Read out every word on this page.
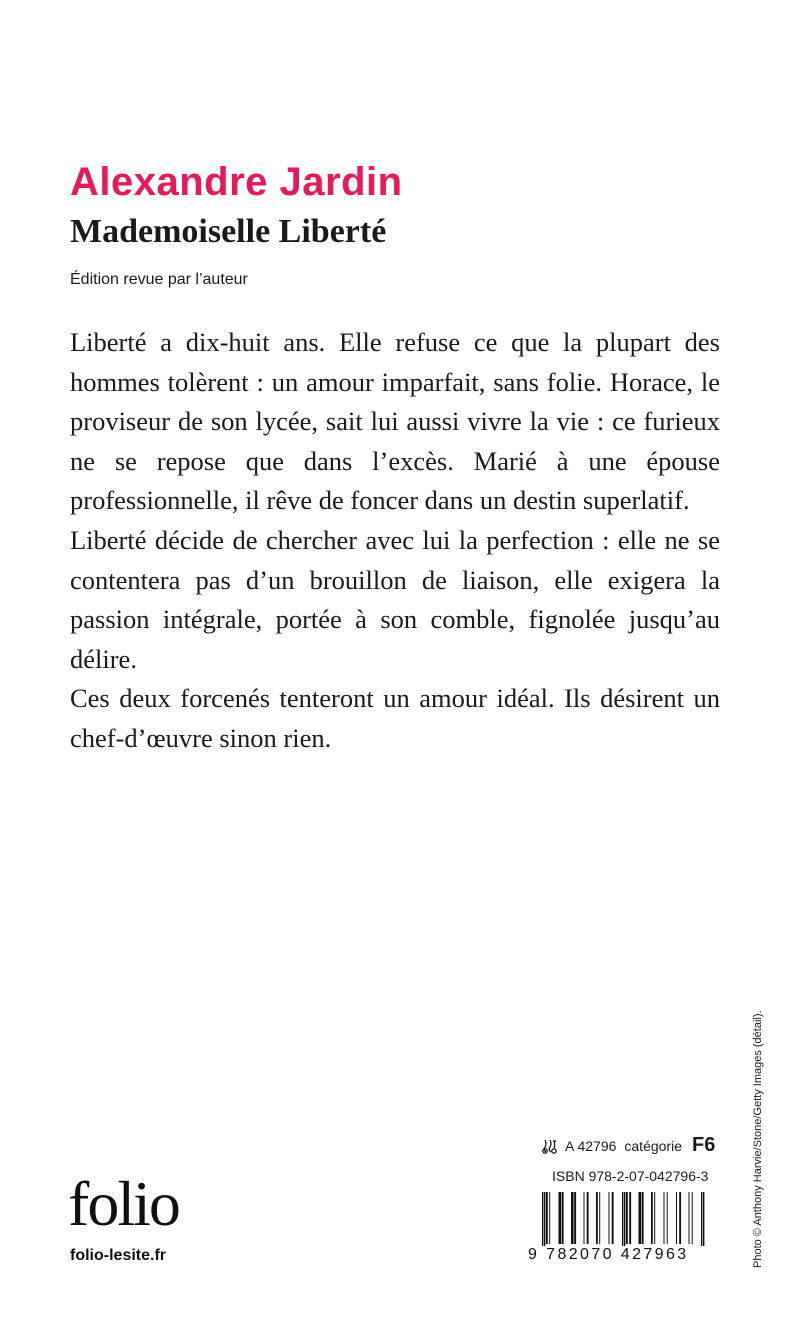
Alexandre Jardin
Mademoiselle Liberté
Édition revue par l’auteur

Liberté a dix-huit ans. Elle refuse ce que la plupart des hommes tolèrent : un amour imparfait, sans folie. Horace, le proviseur de son lycée, sait lui aussi vivre la vie : ce furieux ne se repose que dans l’excès. Marié à une épouse professionnelle, il rêve de foncer dans un destin superlatif.

Liberté décide de chercher avec lui la perfection : elle ne se contentera pas d’un brouillon de liaison, elle exigera la passion intégrale, portée à son comble, fignolée jusqu’au délire.

Ces deux forcenés tenteront un amour idéal. Ils désirent un chef-d’œuvre sinon rien.

Photo © Anthony Harvie/Stone/Getty Images (détail).
folio
folio-lesite.fr
A 42796 catégorie F6
ISBN 978-2-07-042796-3
9 782070 427963
